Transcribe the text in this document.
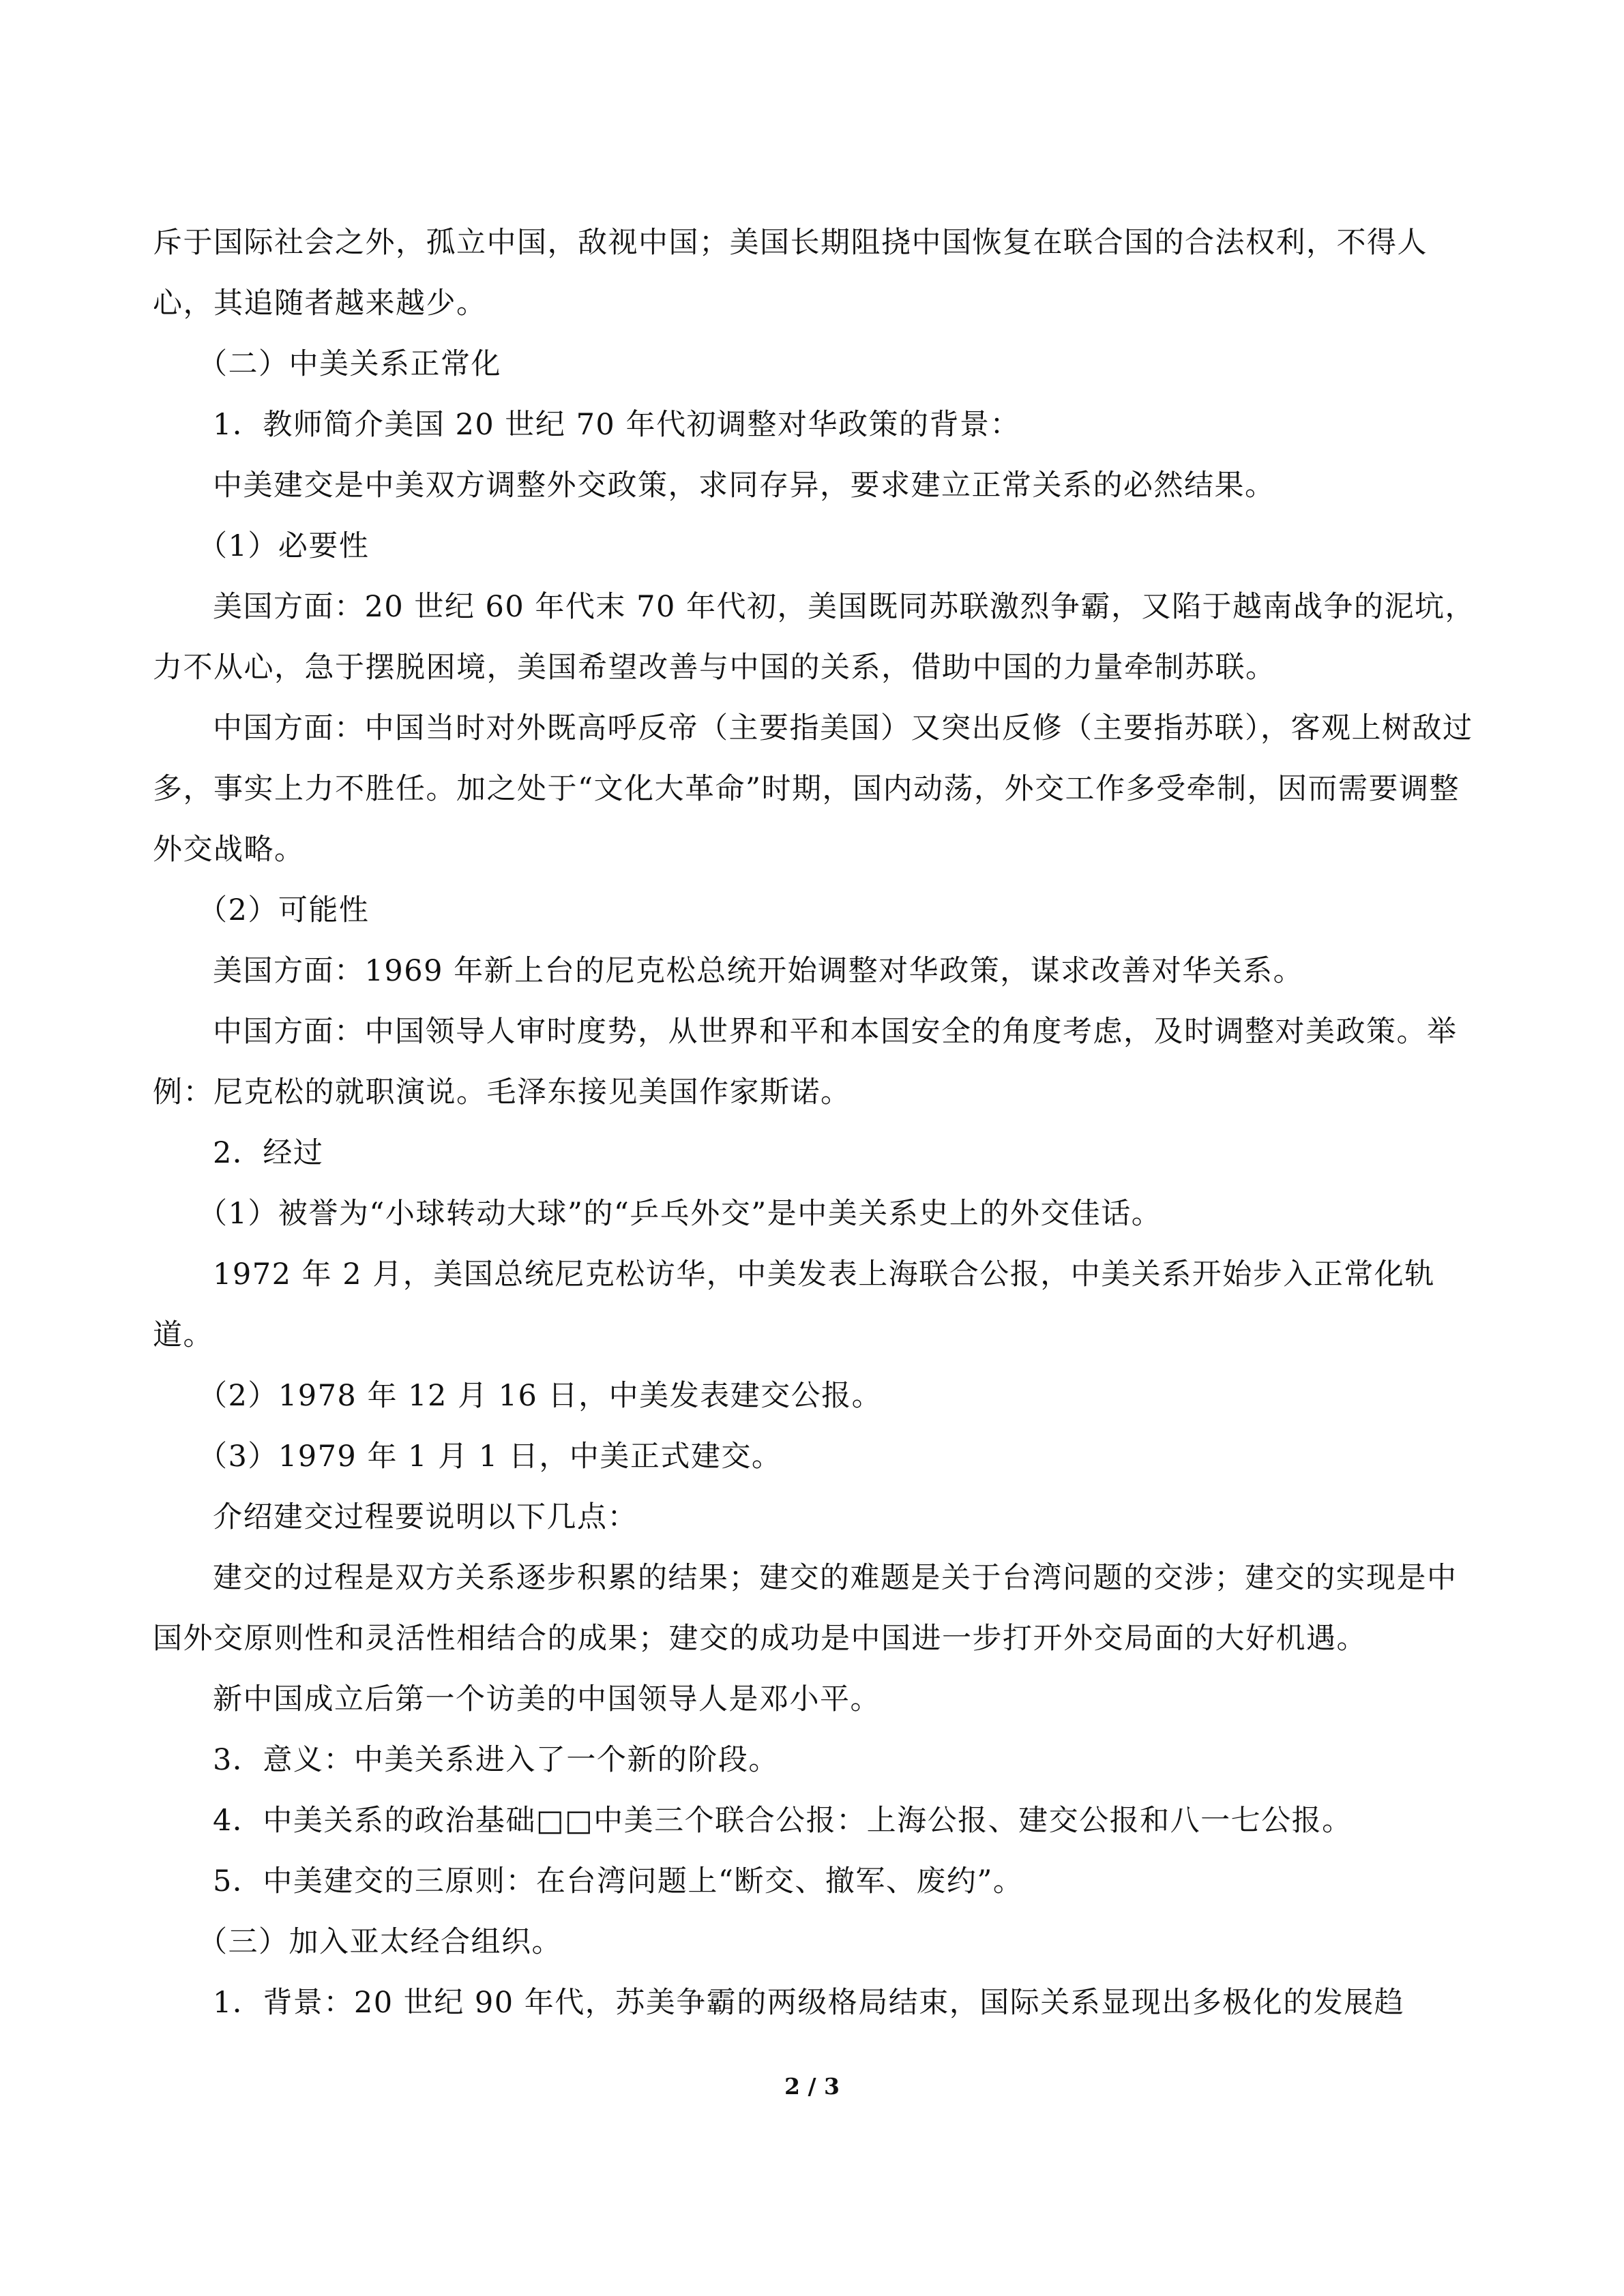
斥于国际社会之外，孤立中国，敌视中国；美国长期阻挠中国恢复在联合国的合法权利，不得人心，其追随者越来越少。

（二）中美关系正常化

1．教师简介美国 20 世纪 70 年代初调整对华政策的背景：

中美建交是中美双方调整外交政策，求同存异，要求建立正常关系的必然结果。

（1）必要性

美国方面：20 世纪 60 年代末 70 年代初，美国既同苏联激烈争霸，又陷于越南战争的泥坑，力不从心，急于摆脱困境，美国希望改善与中国的关系，借助中国的力量牵制苏联。

中国方面：中国当时对外既高呼反帝（主要指美国）又突出反修（主要指苏联），客观上树敌过多，事实上力不胜任。加之处于“文化大革命”时期，国内动荡，外交工作多受牵制，因而需要调整外交战略。

（2）可能性

美国方面：1969 年新上台的尼克松总统开始调整对华政策，谋求改善对华关系。

中国方面：中国领导人审时度势，从世界和平和本国安全的角度考虑，及时调整对美政策。举例：尼克松的就职演说。毛泽东接见美国作家斯诺。

2．经过

（1）被誉为“小球转动大球”的“乒乓外交”是中美关系史上的外交佳话。

1972 年 2 月，美国总统尼克松访华，中美发表上海联合公报，中美关系开始步入正常化轨道。

（2）1978 年 12 月 16 日，中美发表建交公报。

（3）1979 年 1 月 1 日，中美正式建交。

介绍建交过程要说明以下几点：

建交的过程是双方关系逐步积累的结果；建交的难题是关于台湾问题的交涉；建交的实现是中国外交原则性和灵活性相结合的成果；建交的成功是中国进一步打开外交局面的大好机遇。

新中国成立后第一个访美的中国领导人是邓小平。

3．意义：中美关系进入了一个新的阶段。

4．中美关系的政治基础□□中美三个联合公报：上海公报、建交公报和八一七公报。

5．中美建交的三原则：在台湾问题上“断交、撤军、废约”。

（三）加入亚太经合组织。

1．背景：20 世纪 90 年代，苏美争霸的两级格局结束，国际关系显现出多极化的发展趋

2 / 3
